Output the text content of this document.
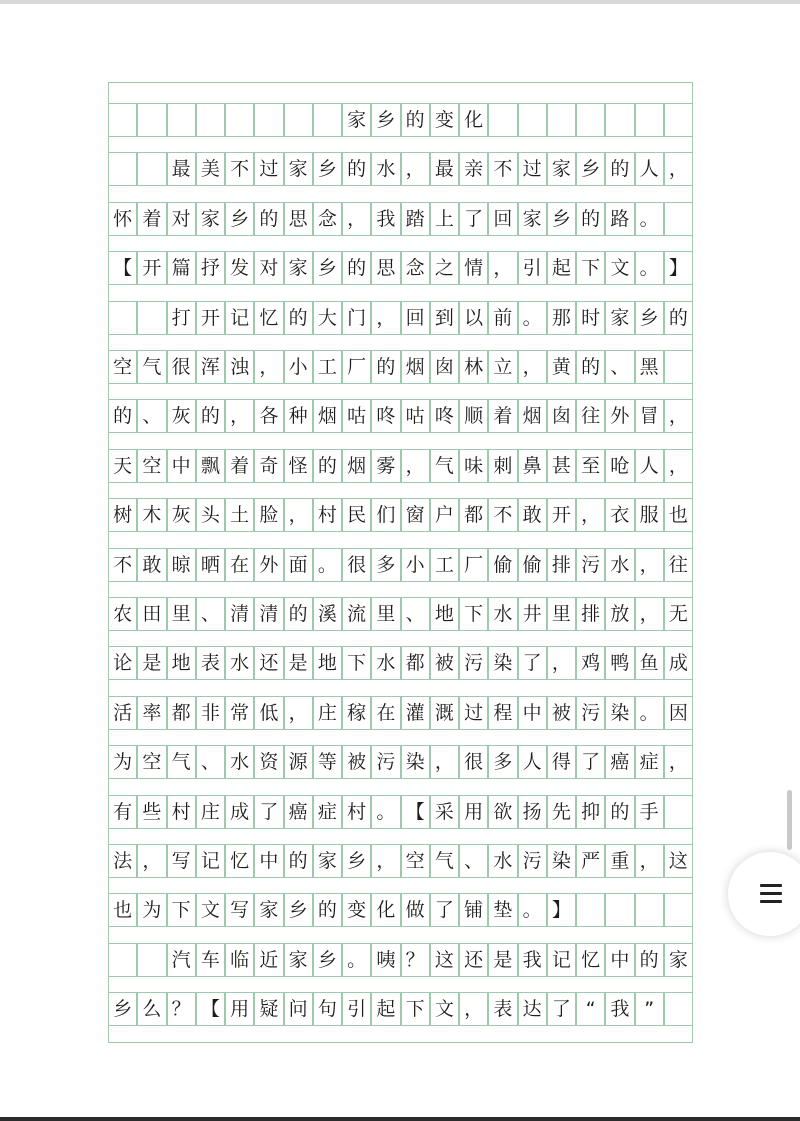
家 乡 的 变 化
最 美 不 过 家 乡 的 水 ， 最 亲 不 过 家 乡 的 人 ，
怀 着 对 家 乡 的 思 念 ， 我 踏 上 了 回 家 乡 的 路 。
【 开 篇 抒 发 对 家 乡 的 思 念 之 情 ， 引 起 下 文 。 】
打 开 记 忆 的 大 门 ， 回 到 以 前 。 那 时 家 乡 的
空 气 很 浑 浊 ， 小 工 厂 的 烟 囱 林 立 ， 黄 的 、 黑
的 、 灰 的 ， 各 种 烟 咕 咚 咕 咚 顺 着 烟 囱 往 外 冒 ，
天 空 中 飘 着 奇 怪 的 烟 雾 ， 气 味 刺 鼻 甚 至 呛 人 ，
树 木 灰 头 土 脸 ， 村 民 们 窗 户 都 不 敢 开 ， 衣 服 也
不 敢 晾 晒 在 外 面 。 很 多 小 工 厂 偷 偷 排 污 水 ， 往
农 田 里 、 清 清 的 溪 流 里 、 地 下 水 井 里 排 放 ， 无
论 是 地 表 水 还 是 地 下 水 都 被 污 染 了 ， 鸡 鸭 鱼 成
活 率 都 非 常 低 ， 庄 稼 在 灌 溉 过 程 中 被 污 染 。 因
为 空 气 、 水 资 源 等 被 污 染 ， 很 多 人 得 了 癌 症 ，
有 些 村 庄 成 了 癌 症 村 。 【 采 用 欲 扬 先 抑 的 手
法 ， 写 记 忆 中 的 家 乡 ， 空 气 、 水 污 染 严 重 ， 这
也 为 下 文 写 家 乡 的 变 化 做 了 铺 垫 。 】
汽 车 临 近 家 乡 。 咦 ？ 这 还 是 我 记 忆 中 的 家
乡 么 ？ 【 用 疑 问 句 引 起 下 文 ， 表 达 了 “ 我 ”
